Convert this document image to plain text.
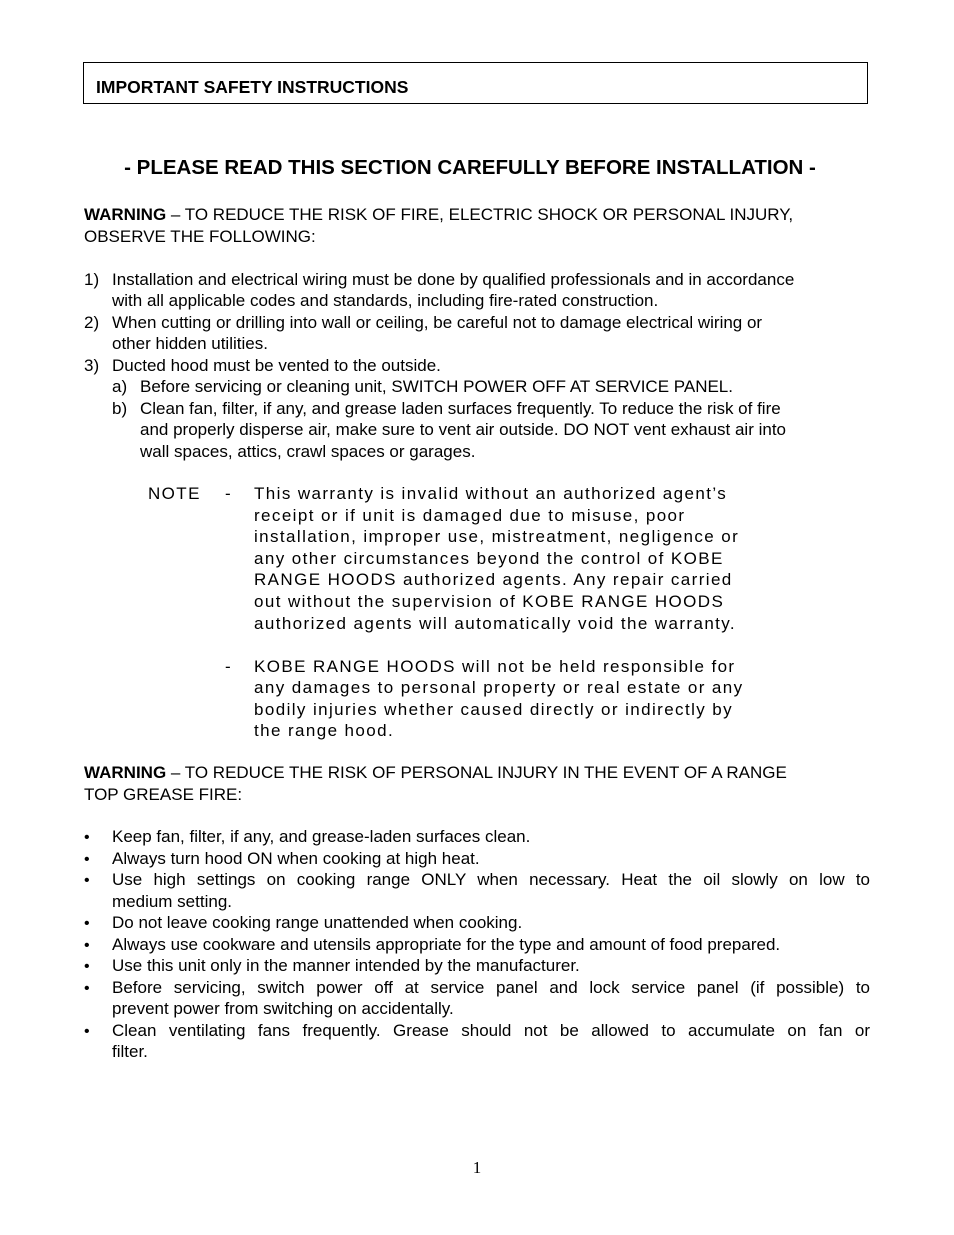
IMPORTANT SAFETY INSTRUCTIONS
- PLEASE READ THIS SECTION CAREFULLY BEFORE INSTALLATION -
WARNING – TO REDUCE THE RISK OF FIRE, ELECTRIC SHOCK OR PERSONAL INJURY,
OBSERVE THE FOLLOWING:
1) Installation and electrical wiring must be done by qualified professionals and in accordance
with all applicable codes and standards, including fire-rated construction.
2) When cutting or drilling into wall or ceiling, be careful not to damage electrical wiring or
other hidden utilities.
3) Ducted hood must be vented to the outside.
a) Before servicing or cleaning unit, SWITCH POWER OFF AT SERVICE PANEL.
b) Clean fan, filter, if any, and grease laden surfaces frequently. To reduce the risk of fire
and properly disperse air, make sure to vent air outside. DO NOT vent exhaust air into
wall spaces, attics, crawl spaces or garages.
NOTE - This warranty is invalid without an authorized agent’s
receipt or if unit is damaged due to misuse, poor
installation, improper use, mistreatment, negligence or
any other circumstances beyond the control of KOBE
RANGE HOODS authorized agents. Any repair carried
out without the supervision of KOBE RANGE HOODS
authorized agents will automatically void the warranty.
- KOBE RANGE HOODS will not be held responsible for
any damages to personal property or real estate or any
bodily injuries whether caused directly or indirectly by
the range hood.
WARNING – TO REDUCE THE RISK OF PERSONAL INJURY IN THE EVENT OF A RANGE
TOP GREASE FIRE:
• Keep fan, filter, if any, and grease-laden surfaces clean.
• Always turn hood ON when cooking at high heat.
• Use high settings on cooking range ONLY when necessary. Heat the oil slowly on low to
medium setting.
• Do not leave cooking range unattended when cooking.
• Always use cookware and utensils appropriate for the type and amount of food prepared.
• Use this unit only in the manner intended by the manufacturer.
• Before servicing, switch power off at service panel and lock service panel (if possible) to
prevent power from switching on accidentally.
• Clean ventilating fans frequently. Grease should not be allowed to accumulate on fan or
filter.
1
